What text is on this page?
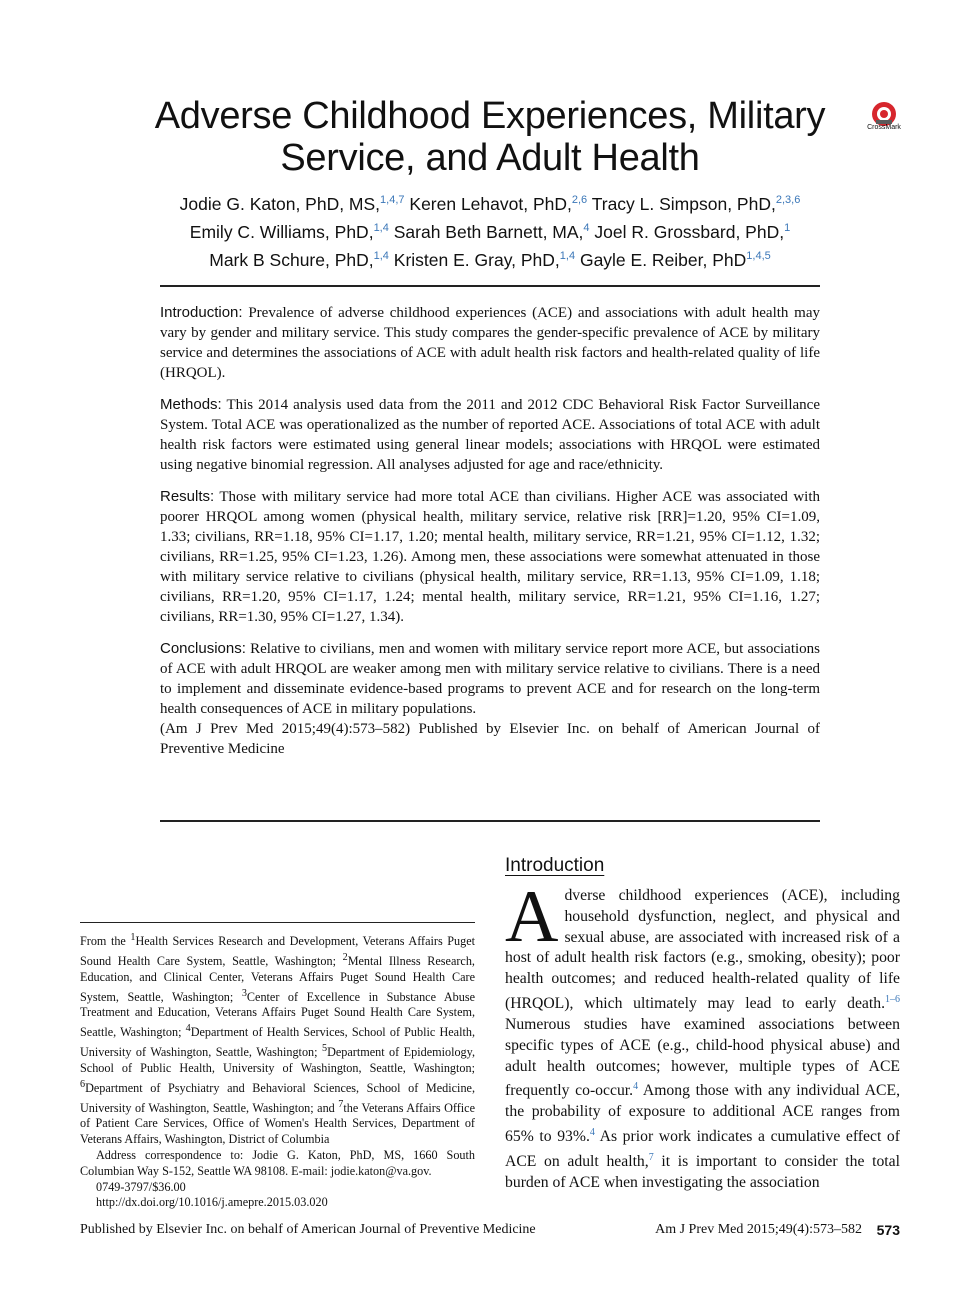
Adverse Childhood Experiences, Military Service, and Adult Health
CrossMark

Jodie G. Katon, PhD, MS,$^{1,4,7}$ Keren Lehavot, PhD,$^{2,6}$ Tracy L. Simpson, PhD,$^{2,3,6}$
Emily C. Williams, PhD,$^{1,4}$ Sarah Beth Barnett, MA,$^4$ Joel R. Grossbard, PhD,$^1$
Mark B Schure, PhD,$^{1,4}$ Kristen E. Gray, PhD,$^{1,4}$ Gayle E. Reiber, PhD$^{1,4,5}$

Introduction: Prevalence of adverse childhood experiences (ACE) and associations with adult health may vary by gender and military service. This study compares the gender-specific prevalence of ACE by military service and determines the associations of ACE with adult health risk factors and health-related quality of life (HRQOL).

Methods: This 2014 analysis used data from the 2011 and 2012 CDC Behavioral Risk Factor Surveillance System. Total ACE was operationalized as the number of reported ACE. Associations of total ACE with adult health risk factors were estimated using general linear models; associations with HRQOL were estimated using negative binomial regression. All analyses adjusted for age and race/ethnicity.

Results: Those with military service had more total ACE than civilians. Higher ACE was associated with poorer HRQOL among women (physical health, military service, relative risk [RR]=1.20, 95% CI=1.09, 1.33; civilians, RR=1.18, 95% CI=1.17, 1.20; mental health, military service, RR=1.21, 95% CI=1.12, 1.32; civilians, RR=1.25, 95% CI=1.23, 1.26). Among men, these associations were somewhat attenuated in those with military service relative to civilians (physical health, military service, RR=1.13, 95% CI=1.09, 1.18; civilians, RR=1.20, 95% CI=1.17, 1.24; mental health, military service, RR=1.21, 95% CI=1.16, 1.27; civilians, RR=1.30, 95% CI=1.27, 1.34).

Conclusions: Relative to civilians, men and women with military service report more ACE, but associations of ACE with adult HRQOL are weaker among men with military service relative to civilians. There is a need to implement and disseminate evidence-based programs to prevent ACE and for research on the long-term health consequences of ACE in military populations.

(Am J Prev Med 2015;49(4):573–582) Published by Elsevier Inc. on behalf of American Journal of Preventive Medicine

Introduction
Adverse childhood experiences (ACE), including household dysfunction, neglect, and physical and sexual abuse, are associated with increased risk of a host of adult health risk factors (e.g., smoking, obesity); poor health outcomes; and reduced health-related quality of life (HRQOL), which ultimately may lead to early death.$^{1-6}$ Numerous studies have examined associations between specific types of ACE (e.g., child-hood physical abuse) and adult health outcomes; however, multiple types of ACE frequently co-occur.$^4$ Among those with any individual ACE, the probability of exposure to additional ACE ranges from 65% to 93%.$^4$ As prior work indicates a cumulative effect of ACE on adult health,$^7$ it is important to consider the total burden of ACE when investigating the association

From the $^1$Health Services Research and Development, Veterans Affairs Puget Sound Health Care System, Seattle, Washington; $^2$Mental Illness Research, Education, and Clinical Center, Veterans Affairs Puget Sound Health Care System, Seattle, Washington; $^3$Center of Excellence in Substance Abuse Treatment and Education, Veterans Affairs Puget Sound Health Care System, Seattle, Washington; $^4$Department of Health Services, School of Public Health, University of Washington, Seattle, Washington; $^5$Department of Epidemiology, School of Public Health, University of Washington, Seattle, Washington; $^6$Department of Psychiatry and Behavioral Sciences, School of Medicine, University of Washington, Seattle, Washington; and $^7$the Veterans Affairs Office of Patient Care Services, Office of Women's Health Services, Department of Veterans Affairs, Washington, District of Columbia

Address correspondence to: Jodie G. Katon, PhD, MS, 1660 South Columbian Way S-152, Seattle WA 98108. E-mail: jodie.katon@va.gov.

0749-3797/$36.00

http://dx.doi.org/10.1016/j.amepre.2015.03.020

Published by Elsevier Inc. on behalf of American Journal of Preventive Medicine	Am J Prev Med 2015;49(4):573–582 573
